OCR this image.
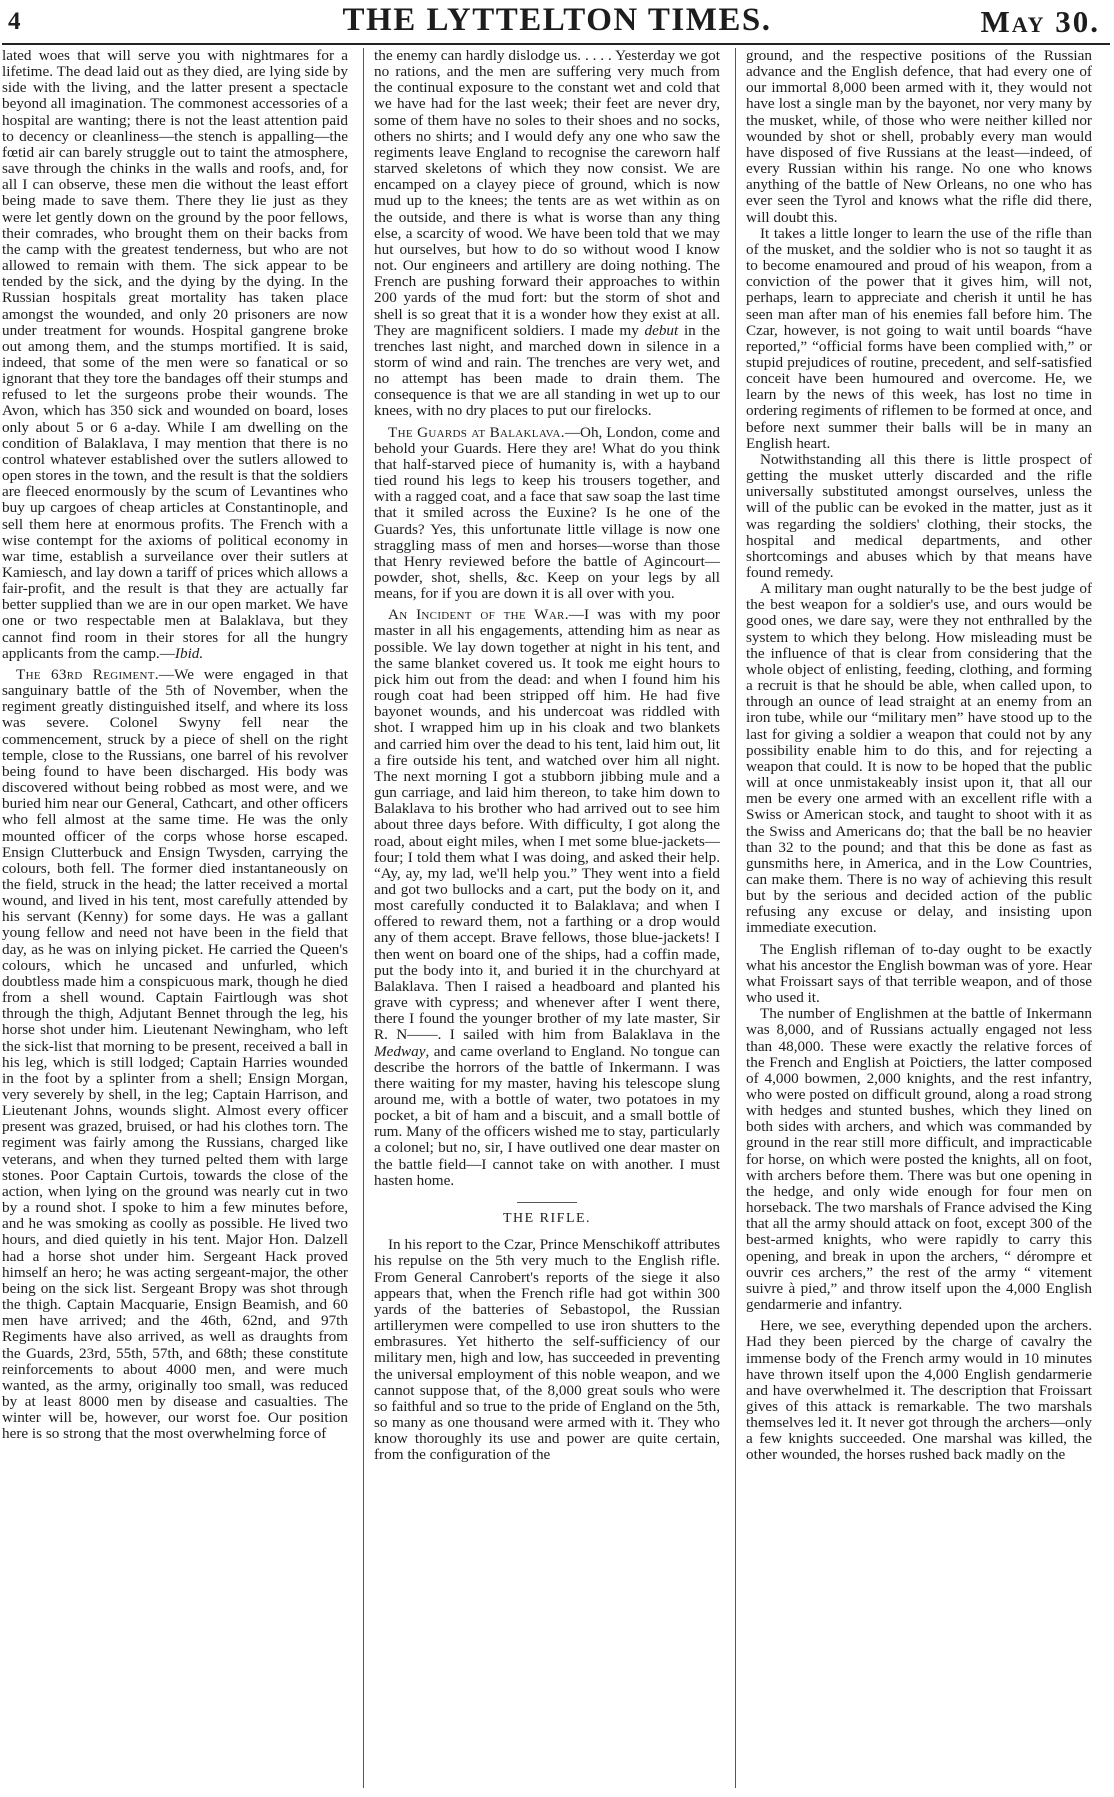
4	THE LYTTELTON TIMES.	May 30.

lated woes that will serve you with nightmares for a lifetime. The dead laid out as they died, are lying side by side with the living, and the latter present a spectacle beyond all imagination. The commonest accessories of a hospital are wanting; there is not the least attention paid to decency or cleanliness—the stench is appalling—the fœtid air can barely struggle out to taint the atmosphere, save through the chinks in the walls and roofs, and, for all I can observe, these men die without the least effort being made to save them. There they lie just as they were let gently down on the ground by the poor fellows, their comrades, who brought them on their backs from the camp with the greatest tenderness, but who are not allowed to remain with them. The sick appear to be tended by the sick, and the dying by the dying. In the Russian hospitals great mortality has taken place amongst the wounded, and only 20 prisoners are now under treatment for wounds. Hospital gangrene broke out among them, and the stumps mortified. It is said, indeed, that some of the men were so fanatical or so ignorant that they tore the bandages off their stumps and refused to let the surgeons probe their wounds. The Avon, which has 350 sick and wounded on board, loses only about 5 or 6 a-day. While I am dwelling on the condition of Balaklava, I may mention that there is no control whatever established over the sutlers allowed to open stores in the town, and the result is that the soldiers are fleeced enormously by the scum of Levantines who buy up cargoes of cheap articles at Constantinople, and sell them here at enormous profits. The French with a wise contempt for the axioms of political economy in war time, establish a surveilance over their sutlers at Kamiesch, and lay down a tariff of prices which allows a fair-profit, and the result is that they are actually far better supplied than we are in our open market. We have one or two respectable men at Balaklava, but they cannot find room in their stores for all the hungry applicants from the camp.—Ibid.

The 63rd Regiment.—We were engaged in that sanguinary battle of the 5th of November, when the regiment greatly distinguished itself, and where its loss was severe. Colonel Swyny fell near the commencement, struck by a piece of shell on the right temple, close to the Russians, one barrel of his revolver being found to have been discharged. His body was discovered without being robbed as most were, and we buried him near our General, Cathcart, and other officers who fell almost at the same time. He was the only mounted officer of the corps whose horse escaped. Ensign Clutterbuck and Ensign Twysden, carrying the colours, both fell. The former died instantaneously on the field, struck in the head; the latter received a mortal wound, and lived in his tent, most carefully attended by his servant (Kenny) for some days. He was a gallant young fellow and need not have been in the field that day, as he was on inlying picket. He carried the Queen's colours, which he uncased and unfurled, which doubtless made him a conspicuous mark, though he died from a shell wound. Captain Fairtlough was shot through the thigh, Adjutant Bennet through the leg, his horse shot under him. Lieutenant Newingham, who left the sick-list that morning to be present, received a ball in his leg, which is still lodged; Captain Harries wounded in the foot by a splinter from a shell; Ensign Morgan, very severely by shell, in the leg; Captain Harrison, and Lieutenant Johns, wounds slight. Almost every officer present was grazed, bruised, or had his clothes torn. The regiment was fairly among the Russians, charged like veterans, and when they turned pelted them with large stones. Poor Captain Curtois, towards the close of the action, when lying on the ground was nearly cut in two by a round shot. I spoke to him a few minutes before, and he was smoking as coolly as possible. He lived two hours, and died quietly in his tent. Major Hon. Dalzell had a horse shot under him. Sergeant Hack proved himself an hero; he was acting sergeant-major, the other being on the sick list. Sergeant Bropy was shot through the thigh. Captain Macquarie, Ensign Beamish, and 60 men have arrived; and the 46th, 62nd, and 97th Regiments have also arrived, as well as draughts from the Guards, 23rd, 55th, 57th, and 68th; these constitute reinforcements to about 4000 men, and were much wanted, as the army, originally too small, was reduced by at least 8000 men by disease and casualties. The winter will be, however, our worst foe. Our position here is so strong that the most overwhelming force of

the enemy can hardly dislodge us. . . . . Yesterday we got no rations, and the men are suffering very much from the continual exposure to the constant wet and cold that we have had for the last week; their feet are never dry, some of them have no soles to their shoes and no socks, others no shirts; and I would defy any one who saw the regiments leave England to recognise the careworn half starved skeletons of which they now consist. We are encamped on a clayey piece of ground, which is now mud up to the knees; the tents are as wet within as on the outside, and there is what is worse than any thing else, a scarcity of wood. We have been told that we may hut ourselves, but how to do so without wood I know not. Our engineers and artillery are doing nothing. The French are pushing forward their approaches to within 200 yards of the mud fort: but the storm of shot and shell is so great that it is a wonder how they exist at all. They are magnificent soldiers. I made my debut in the trenches last night, and marched down in silence in a storm of wind and rain. The trenches are very wet, and no attempt has been made to drain them. The consequence is that we are all standing in wet up to our knees, with no dry places to put our firelocks.

The Guards at Balaklava.—Oh, London, come and behold your Guards. Here they are! What do you think that half-starved piece of humanity is, with a hayband tied round his legs to keep his trousers together, and with a ragged coat, and a face that saw soap the last time that it smiled across the Euxine? Is he one of the Guards? Yes, this unfortunate little village is now one straggling mass of men and horses—worse than those that Henry reviewed before the battle of Agincourt—powder, shot, shells, &c. Keep on your legs by all means, for if you are down it is all over with you.

An Incident of the War.—I was with my poor master in all his engagements, attending him as near as possible. We lay down together at night in his tent, and the same blanket covered us. It took me eight hours to pick him out from the dead: and when I found him his rough coat had been stripped off him. He had five bayonet wounds, and his undercoat was riddled with shot. I wrapped him up in his cloak and two blankets and carried him over the dead to his tent, laid him out, lit a fire outside his tent, and watched over him all night. The next morning I got a stubborn jibbing mule and a gun carriage, and laid him thereon, to take him down to Balaklava to his brother who had arrived out to see him about three days before. With difficulty, I got along the road, about eight miles, when I met some blue-jackets—four; I told them what I was doing, and asked their help. “Ay, ay, my lad, we'll help you.” They went into a field and got two bullocks and a cart, put the body on it, and most carefully conducted it to Balaklava; and when I offered to reward them, not a farthing or a drop would any of them accept. Brave fellows, those blue-jackets! I then went on board one of the ships, had a coffin made, put the body into it, and buried it in the churchyard at Balaklava. Then I raised a headboard and planted his grave with cypress; and whenever after I went there, there I found the younger brother of my late master, Sir R. N——. I sailed with him from Balaklava in the Medway, and came overland to England. No tongue can describe the horrors of the battle of Inkermann. I was there waiting for my master, having his telescope slung around me, with a bottle of water, two potatoes in my pocket, a bit of ham and a biscuit, and a small bottle of rum. Many of the officers wished me to stay, particularly a colonel; but no, sir, I have outlived one dear master on the battle field—I cannot take on with another. I must hasten home.

THE RIFLE.

In his report to the Czar, Prince Menschikoff attributes his repulse on the 5th very much to the English rifle. From General Canrobert's reports of the siege it also appears that, when the French rifle had got within 300 yards of the batteries of Sebastopol, the Russian artillerymen were compelled to use iron shutters to the embrasures. Yet hitherto the self-sufficiency of our military men, high and low, has succeeded in preventing the universal employment of this noble weapon, and we cannot suppose that, of the 8,000 great souls who were so faithful and so true to the pride of England on the 5th, so many as one thousand were armed with it. They who know thoroughly its use and power are quite certain, from the configuration of the

ground, and the respective positions of the Russian advance and the English defence, that had every one of our immortal 8,000 been armed with it, they would not have lost a single man by the bayonet, nor very many by the musket, while, of those who were neither killed nor wounded by shot or shell, probably every man would have disposed of five Russians at the least—indeed, of every Russian within his range. No one who knows anything of the battle of New Orleans, no one who has ever seen the Tyrol and knows what the rifle did there, will doubt this.

It takes a little longer to learn the use of the rifle than of the musket, and the soldier who is not so taught it as to become enamoured and proud of his weapon, from a conviction of the power that it gives him, will not, perhaps, learn to appreciate and cherish it until he has seen man after man of his enemies fall before him. The Czar, however, is not going to wait until boards “have reported,” “official forms have been complied with,” or stupid prejudices of routine, precedent, and self-satisfied conceit have been humoured and overcome. He, we learn by the news of this week, has lost no time in ordering regiments of riflemen to be formed at once, and before next summer their balls will be in many an English heart.

Notwithstanding all this there is little prospect of getting the musket utterly discarded and the rifle universally substituted amongst ourselves, unless the will of the public can be evoked in the matter, just as it was regarding the soldiers' clothing, their stocks, the hospital and medical departments, and other shortcomings and abuses which by that means have found remedy.

A military man ought naturally to be the best judge of the best weapon for a soldier's use, and ours would be good ones, we dare say, were they not enthralled by the system to which they belong. How misleading must be the influence of that is clear from considering that the whole object of enlisting, feeding, clothing, and forming a recruit is that he should be able, when called upon, to through an ounce of lead straight at an enemy from an iron tube, while our “military men” have stood up to the last for giving a soldier a weapon that could not by any possibility enable him to do this, and for rejecting a weapon that could. It is now to be hoped that the public will at once unmistakeably insist upon it, that all our men be every one armed with an excellent rifle with a Swiss or American stock, and taught to shoot with it as the Swiss and Americans do; that the ball be no heavier than 32 to the pound; and that this be done as fast as gunsmiths here, in America, and in the Low Countries, can make them. There is no way of achieving this result but by the serious and decided action of the public refusing any excuse or delay, and insisting upon immediate execution.

The English rifleman of to-day ought to be exactly what his ancestor the English bowman was of yore. Hear what Froissart says of that terrible weapon, and of those who used it.

The number of Englishmen at the battle of Inkermann was 8,000, and of Russians actually engaged not less than 48,000. These were exactly the relative forces of the French and English at Poictiers, the latter composed of 4,000 bowmen, 2,000 knights, and the rest infantry, who were posted on difficult ground, along a road strong with hedges and stunted bushes, which they lined on both sides with archers, and which was commanded by ground in the rear still more difficult, and impracticable for horse, on which were posted the knights, all on foot, with archers before them. There was but one opening in the hedge, and only wide enough for four men on horseback. The two marshals of France advised the King that all the army should attack on foot, except 300 of the best-armed knights, who were rapidly to carry this opening, and break in upon the archers, “ dérompre et ouvrir ces archers,” the rest of the army “ vitement suivre à pied,” and throw itself upon the 4,000 English gendarmerie and infantry.

Here, we see, everything depended upon the archers. Had they been pierced by the charge of cavalry the immense body of the French army would in 10 minutes have thrown itself upon the 4,000 English gendarmerie and have overwhelmed it. The description that Froissart gives of this attack is remarkable. The two marshals themselves led it. It never got through the archers—only a few knights succeeded. One marshal was killed, the other wounded, the horses rushed back madly on the
